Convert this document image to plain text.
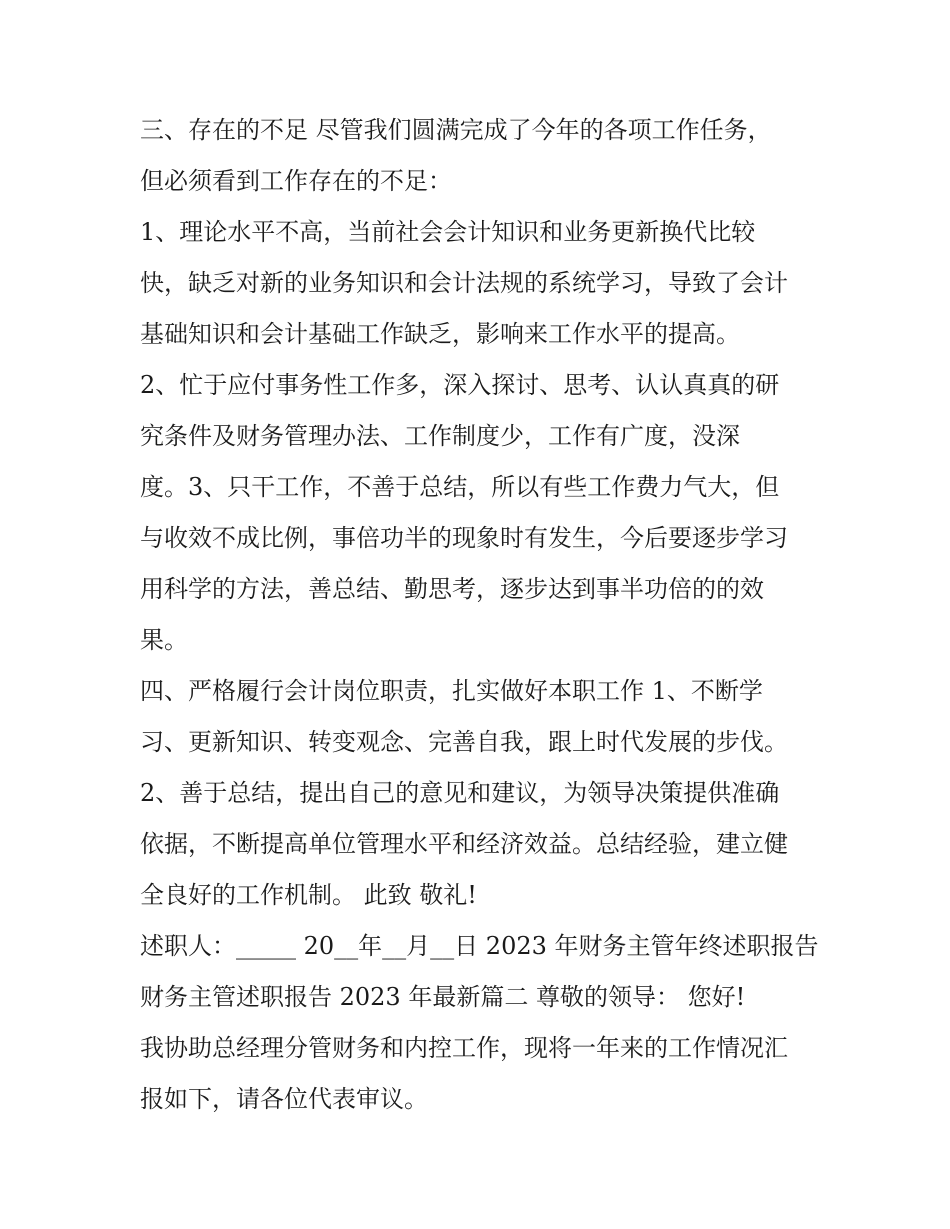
三、存在的不足 尽管我们圆满完成了今年的各项工作任务，
但必须看到工作存在的不足：
1、理论水平不高，当前社会会计知识和业务更新换代比较
快，缺乏对新的业务知识和会计法规的系统学习，导致了会计
基础知识和会计基础工作缺乏，影响来工作水平的提高。
2、忙于应付事务性工作多，深入探讨、思考、认认真真的研
究条件及财务管理办法、工作制度少，工作有广度，没深
度。3、只干工作，不善于总结，所以有些工作费力气大，但
与收效不成比例，事倍功半的现象时有发生，今后要逐步学习
用科学的方法，善总结、勤思考，逐步达到事半功倍的的效
果。
四、严格履行会计岗位职责，扎实做好本职工作 1、不断学
习、更新知识、转变观念、完善自我，跟上时代发展的步伐。
2、善于总结，提出自己的意见和建议，为领导决策提供准确
依据，不断提高单位管理水平和经济效益。总结经验，建立健
全良好的工作机制。 此致 敬礼!
述职人：_____ 20__年__月__日 2023 年财务主管年终述职报告
财务主管述职报告 2023 年最新篇二 尊敬的领导： 您好!
我协助总经理分管财务和内控工作，现将一年来的工作情况汇
报如下，请各位代表审议。
